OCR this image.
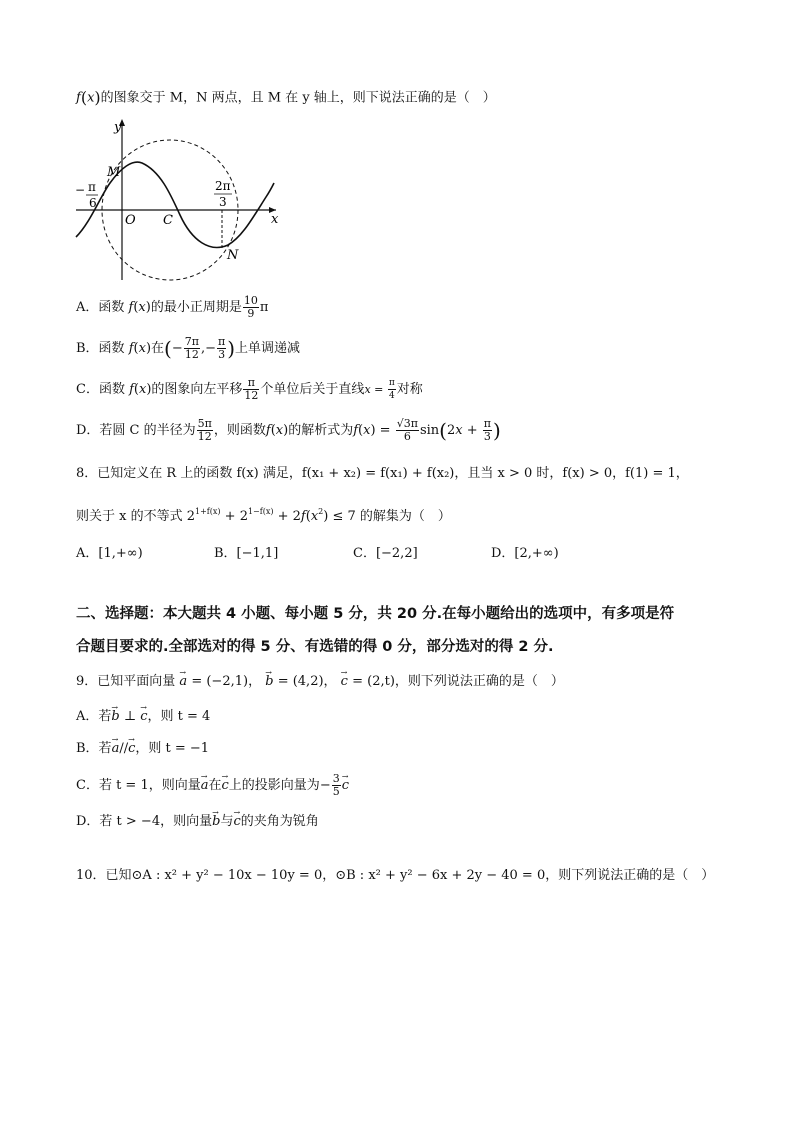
f(x)的图象交于 M，N 两点，且 M 在 y 轴上，则下说法正确的是（　）
y
x
M
N
O C
− π
6
2π
3
A．函数 f(x)的最小正周期是 $\frac{10}{9}$ π
B．函数 f(x)在(− $\frac{7\pi}{12}$ ,− $\frac{\pi}{3}$ )上单调递减
C．函数 f(x)的图象向左平移 $\frac{\pi}{12}$ 个单位后关于直线$x = \frac{\pi}{4}$ 对称
D．若圆 C 的半径为 $\frac{5\pi}{12}$ ，则函数f(x)的解析式为$f(x) = \frac{√3\pi}{6} \sin(2x + \frac{\pi}{3}$ )
8．已知定义在 R 上的函数 f(x) 满足，f(x₁ + x₂) = f(x₁) + f(x₂)，且当 x > 0 时，f(x) > 0，f(1) = 1，
则关于 x 的不等式 $2^{1+f(x)} + 2^{1-f(x)} + 2f(x^2) \le 7$ 的解集为（　）
A．[1,+∞)	B．[−1,1]	C．[−2,2]	D．[2,+∞)
二、选择题：本大题共 4 小题、每小题 5 分，共 20 分.在每小题给出的选项中，有多项是符
合题目要求的.全部选对的得 5 分、有选错的得 0 分，部分选对的得 2 分.
9．已知平面向量 → a = (−2,1)， → b = (4,2)， → c = (2,t)，则下列说法正确的是（　）
A．若→ b ⊥ → c，则 t = 4
B．若→ a//→ c，则 t = −1
C．若 t = 1，则向量→ a在→ c上的投影向量为− $\frac{3}{5}$
→ c
D．若 t > −4，则向量→ b与→ c的夹角为锐角
10．已知⊙A : x² + y² − 10x − 10y = 0，⊙B : x² + y² − 6x + 2y − 40 = 0，则下列说法正确的是（　）
